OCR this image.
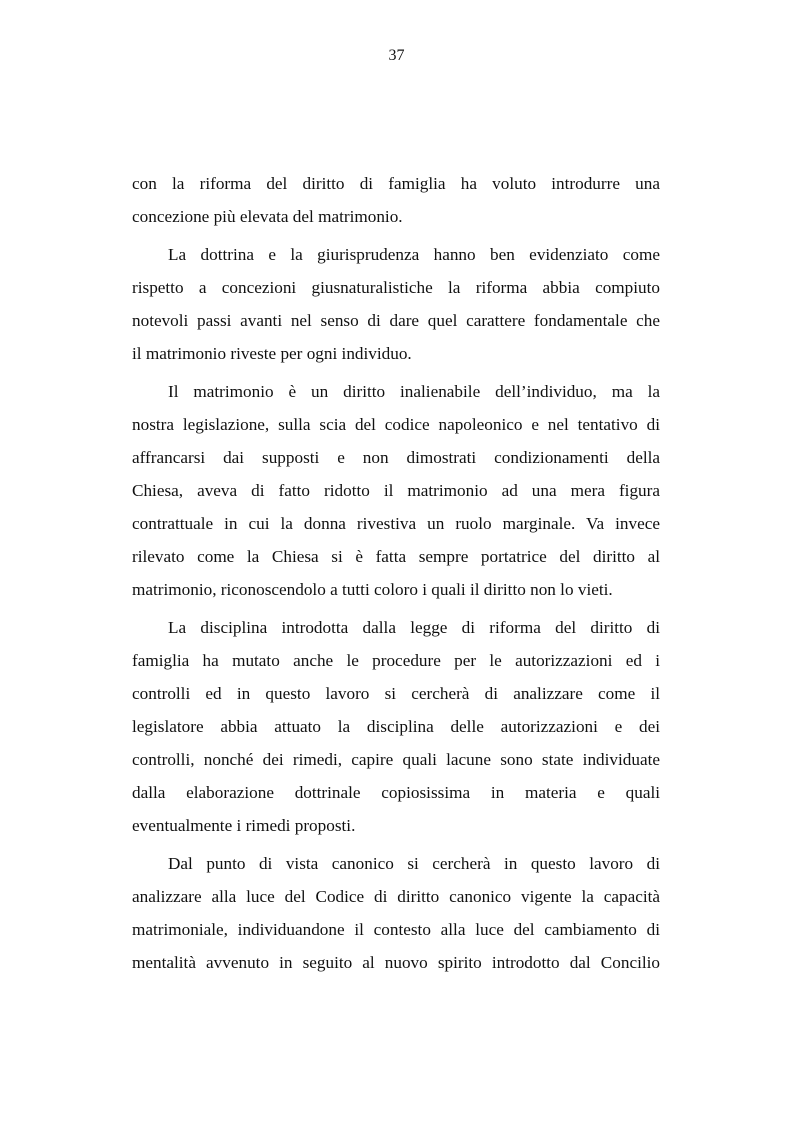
37
con la riforma del diritto di famiglia ha voluto introdurre una
concezione più elevata del matrimonio.
La dottrina e la giurisprudenza hanno ben evidenziato come
rispetto a concezioni giusnaturalistiche la riforma abbia compiuto
notevoli passi avanti nel senso di dare quel carattere fondamentale che
il matrimonio riveste per ogni individuo.
Il matrimonio è un diritto inalienabile dell’individuo, ma la
nostra legislazione, sulla scia del codice napoleonico e nel tentativo di
affrancarsi dai supposti e non dimostrati condizionamenti della
Chiesa, aveva di fatto ridotto il matrimonio ad una mera figura
contrattuale in cui la donna rivestiva un ruolo marginale. Va invece
rilevato come la Chiesa si è fatta sempre portatrice del diritto al
matrimonio, riconoscendolo a tutti coloro i quali il diritto non lo vieti.
La disciplina introdotta dalla legge di riforma del diritto di
famiglia ha mutato anche le procedure per le autorizzazioni ed i
controlli ed in questo lavoro si cercherà di analizzare come il
legislatore abbia attuato la disciplina delle autorizzazioni e dei
controlli, nonché dei rimedi, capire quali lacune sono state individuate
dalla elaborazione dottrinale copiosissima in materia e quali
eventualmente i rimedi proposti.
Dal punto di vista canonico si cercherà in questo lavoro di
analizzare alla luce del Codice di diritto canonico vigente la capacità
matrimoniale, individuandone il contesto alla luce del cambiamento di
mentalità avvenuto in seguito al nuovo spirito introdotto dal Concilio
